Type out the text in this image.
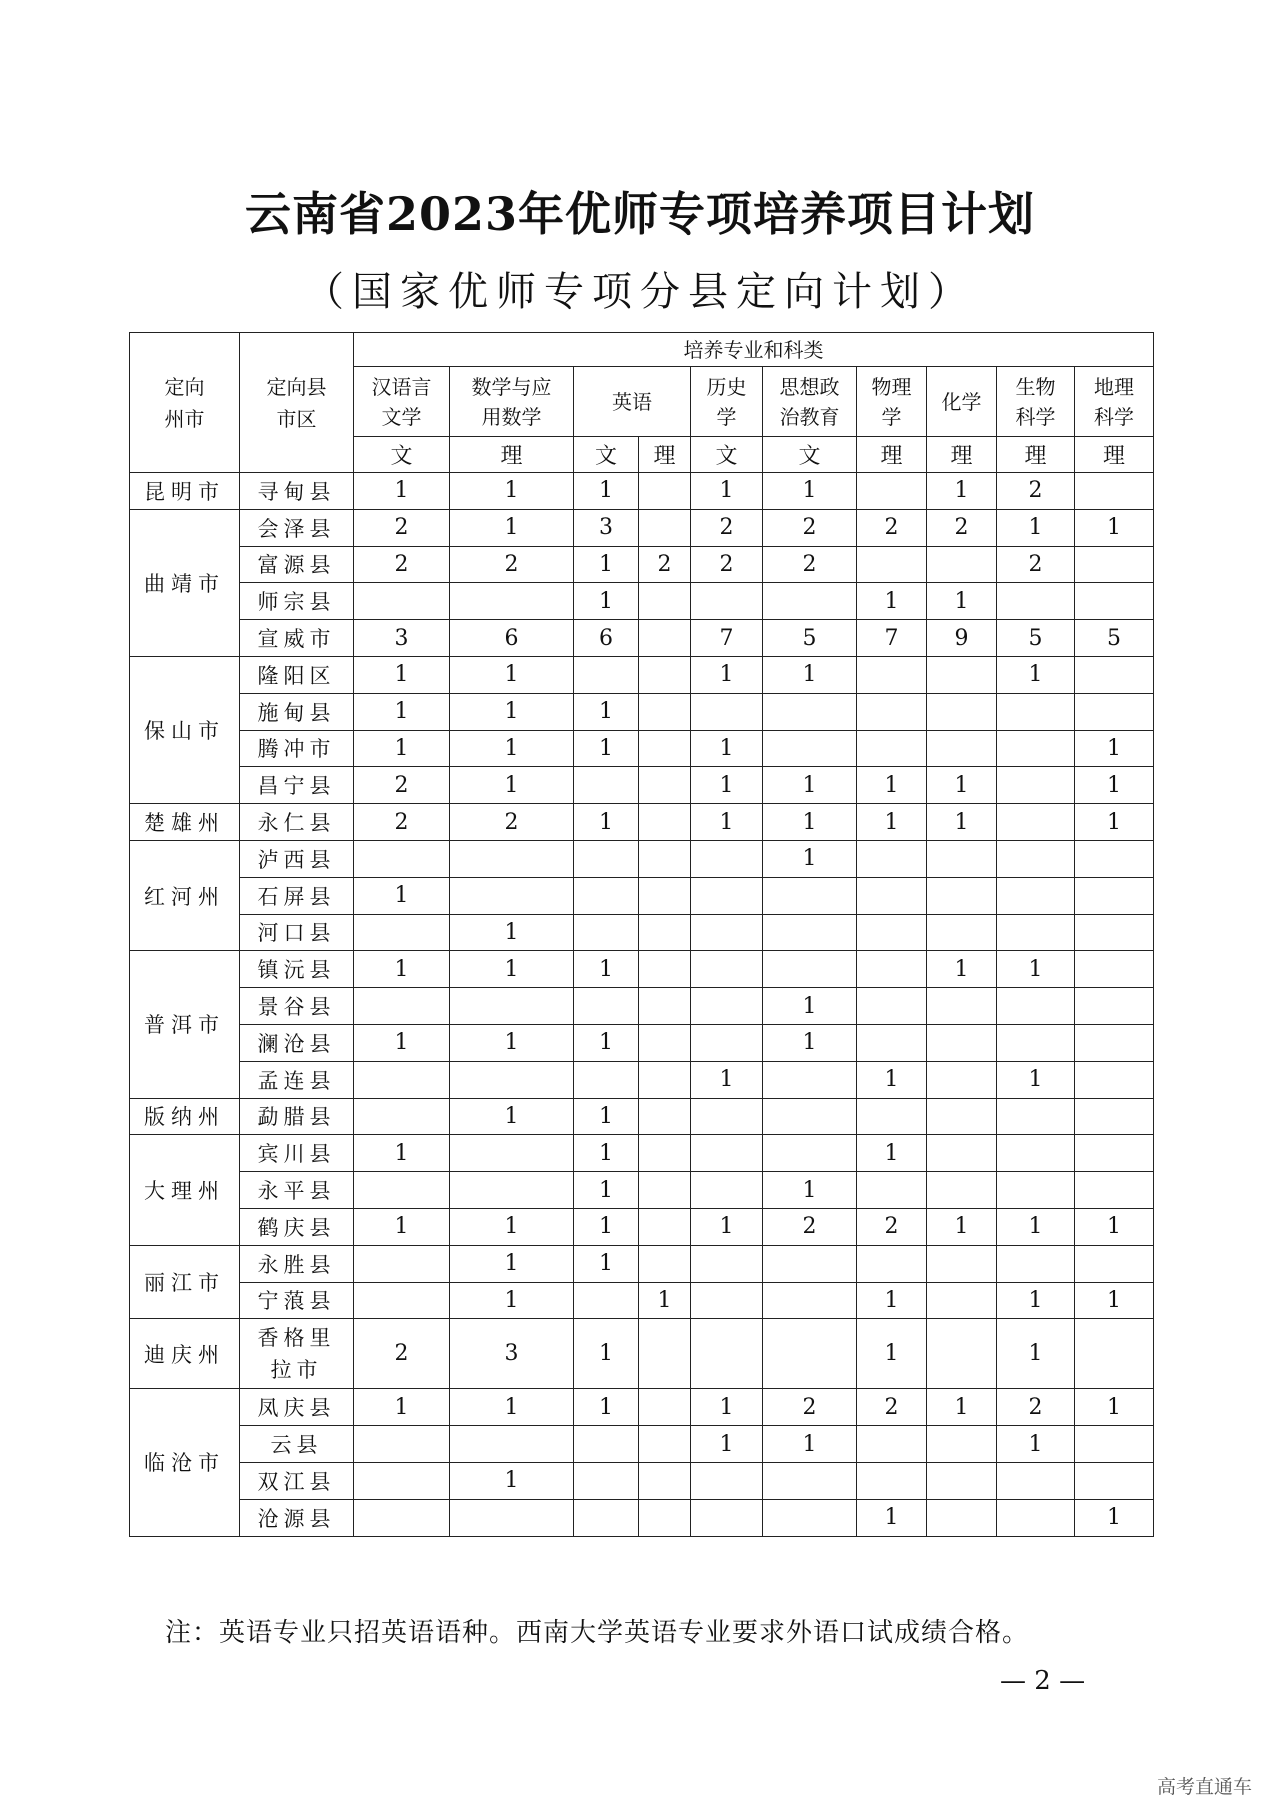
云南省2023年优师专项培养项目计划
（国家优师专项分县定向计划）
定向州市	定向县市区	培养专业和科类									
		汉语言文学	数学与应用数学	英语		历史学	思想政治教育	物理学	化学	生物科学	地理科学
		文	理	文	理	文	文	理	理	理	理
昆明市	寻甸县	1	1	1		1	1		1	2	
曲靖市	会泽县	2	1	3		2	2	2	2	1	1
	富源县	2	2	1	2	2	2			2	
	师宗县			1				1	1		
	宣威市	3	6	6		7	5	7	9	5	5
保山市	隆阳区	1	1			1	1			1	
	施甸县	1	1	1							
	腾冲市	1	1	1		1					1
	昌宁县	2	1			1	1	1	1		1
楚雄州	永仁县	2	2	1		1	1	1	1		1
红河州	泸西县						1				
	石屏县	1									
	河口县		1								
普洱市	镇沅县	1	1	1					1	1	
	景谷县						1				
	澜沧县	1	1	1			1				
	孟连县					1		1		1	
版纳州	勐腊县		1	1							
大理州	宾川县	1		1				1			
	永平县			1			1				
	鹤庆县	1	1	1		1	2	2	1	1	1
丽江市	永胜县		1	1							
	宁蒗县		1		1			1		1	1
迪庆州	香格里拉市	2	3	1				1		1	
临沧市	凤庆县	1	1	1		1	2	2	1	2	1
	云县					1	1			1	
	双江县		1								
	沧源县							1			1
注：英语专业只招英语语种。西南大学英语专业要求外语口试成绩合格。
— 2 —
高考直通车
